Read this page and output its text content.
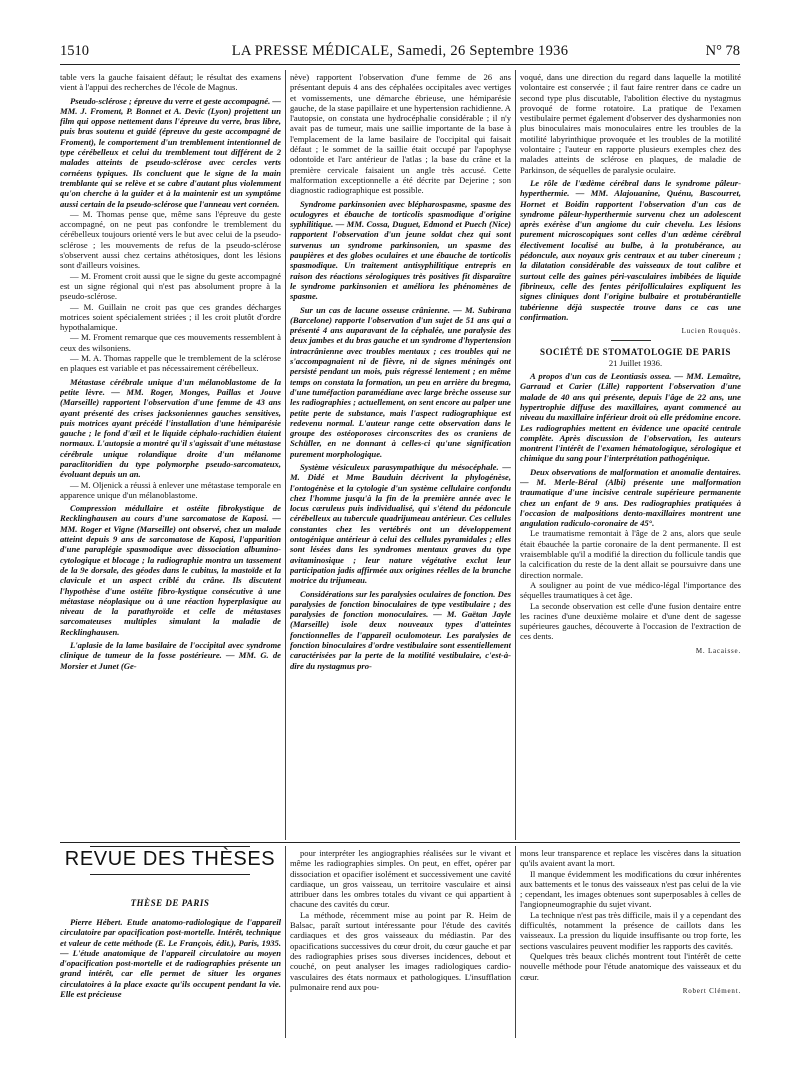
1510	LA PRESSE MÉDICALE, Samedi, 26 Septembre 1936	N° 78

table vers la gauche faisaient défaut; le résultat des examens vient à l'appui des recherches de l'école de Magnus.

Pseudo-sclérose ; épreuve du verre et geste accompagné. — MM. J. Froment, P. Bonnet et A. Devic (Lyon) projettent un film qui oppose nettement dans l'épreuve du verre, bras libre, puis bras soutenu et guidé (épreuve du geste accompagné de Froment), le comportement d'un tremblement intentionnel de type cérébelleux et celui du tremblement tout différent de 2 malades atteints de pseudo-sclérose avec cercles verts cornéens typiques. Ils concluent que le signe de la main tremblante qui se relève et se cabre d'autant plus violemment qu'on cherche à la guider et à la maintenir est un symptôme aussi certain de la pseudo-sclérose que l'anneau vert cornéen.

— M. Thomas pense que, même sans l'épreuve du geste accompagné, on ne peut pas confondre le tremblement du cérébelleux toujours orienté vers le but avec celui de la pseudo-sclérose ; les mouvements de refus de la pseudo-sclérose s'observent aussi chez certains athétosiques, dont les lésions sont d'ailleurs voisines.

— M. Froment croit aussi que le signe du geste accompagné est un signe régional qui n'est pas absolument propre à la pseudo-sclérose.

— M. Guillain ne croit pas que ces grandes décharges motrices soient spécialement striées ; il les croit plutôt d'ordre hypothalamique.

— M. Froment remarque que ces mouvements ressemblent à ceux des wilsoniens.

— M. A. Thomas rappelle que le tremblement de la sclérose en plaques est variable et pas nécessairement cérébelleux.

Métastase cérébrale unique d'un mélanoblastome de la petite lèvre. — MM. Roger, Monges, Paillas et Jouve (Marseille) rapportent l'observation d'une femme de 43 ans ayant présenté des crises jacksoniennes gauches sensitives, puis motrices ayant précédé l'installation d'une hémiparésie gauche ; le fond d'œil et le liquide céphalo-rachidien étaient normaux. L'autopsie a montré qu'il s'agissait d'une métastase cérébrale unique rolandique droite d'un mélanome paraclitoridien du type polymorphe pseudo-sarcomateux, évoluant depuis un an.

— M. Oljenick a réussi à enlever une métastase temporale en apparence unique d'un mélanoblastome.

Compression médullaire et ostéite fibrokystique de Recklinghausen au cours d'une sarcomatose de Kaposi. — MM. Roger et Vigne (Marseille) ont observé, chez un malade atteint depuis 9 ans de sarcomatose de Kaposi, l'apparition d'une paraplégie spasmodique avec dissociation albumino-cytologique et blocage ; la radiographie montra un tassement de la 9e dorsale, des géodes dans le cubitus, la mastoïde et la clavicule et un aspect criblé du crâne. Ils discutent l'hypothèse d'une ostéite fibro-kystique consécutive à une métastase néoplasique ou à une réaction hyperplasique au niveau de la parathyroïde et celle de métastases sarcomateuses multiples simulant la maladie de Recklinghausen.

L'aplasie de la lame basilaire de l'occipital avec syndrome clinique de tumeur de la fosse postérieure. — MM. G. de Morsier et Junet (Ge-

nève) rapportent l'observation d'une femme de 26 ans présentant depuis 4 ans des céphalées occipitales avec vertiges et vomissements, une démarche ébrieuse, une hémiparésie gauche, de la stase papillaire et une hypertension rachidienne. A l'autopsie, on constata une hydrocéphalie considérable ; il n'y avait pas de tumeur, mais une saillie importante de la base à l'emplacement de la lame basilaire de l'occipital qui faisait défaut ; le sommet de la saillie était occupé par l'apophyse odontoïde et l'arc antérieur de l'atlas ; la base du crâne et la première cervicale faisaient un angle très accusé. Cette malformation exceptionnelle a été décrite par Dejerine ; son diagnostic radiographique est possible.

Syndrome parkinsonien avec blépharospasme, spasme des oculogyres et ébauche de torticolis spasmodique d'origine syphilitique. — MM. Cossa, Duguet, Edmond et Puech (Nice) rapportent l'observation d'un jeune soldat chez qui sont survenus un syndrome parkinsonien, un spasme des paupières et des globes oculaires et une ébauche de torticolis spasmodique. Un traitement antisyphilitique entrepris en raison des réactions sérologiques très positives fit disparaître le syndrome parkinsonien et améliora les phénomènes de spasme.

Sur un cas de lacune osseuse crânienne. — M. Subirana (Barcelone) rapporte l'observation d'un sujet de 51 ans qui a présenté 4 ans auparavant de la céphalée, une paralysie des deux jambes et du bras gauche et un syndrome d'hypertension intracrânienne avec troubles mentaux ; ces troubles qui ne s'accompagnaient ni de fièvre, ni de signes méningés ont persisté pendant un mois, puis régressé lentement ; en même temps on constata la formation, un peu en arrière du bregma, d'une tuméfaction paramédiane avec large brèche osseuse sur les radiographies ; actuellement, on sent encore au palper une petite perte de substance, mais l'aspect radiographique est redevenu normal. L'auteur range cette observation dans le groupe des ostéoporoses circonscrites des os craniens de Schüller, en ne donnant à celles-ci qu'une signification purement morphologique.

Système vésiculeux parasympathique du mésocéphale. — M. Didé et Mme Bauduin décrivent la phylogénèse, l'ontogénèse et la cytologie d'un système cellulaire confondu chez l'homme jusqu'à la fin de la première année avec le locus cæruleus puis individualisé, qui s'étend du pédoncule cérébelleux au tubercule quadrijumeau antérieur. Ces cellules constantes chez les vertébrés ont un développement ontogénique antérieur à celui des cellules pyramidales ; elles sont lésées dans les syndromes mentaux graves du type avitaminosique ; leur nature végétative exclut leur participation jadis affirmée aux origines réelles de la branche motrice du trijumeau.

Considérations sur les paralysies oculaires de fonction. Des paralysies de fonction binoculaires de type vestibulaire ; des paralysies de fonction monoculaires. — M. Gaëtan Jayle (Marseille) isole deux nouveaux types d'atteintes fonctionnelles de l'appareil oculomoteur. Les paralysies de fonction binoculaires d'ordre vestibulaire sont essentiellement caractérisées par la perte de la motilité vestibulaire, c'est-à-dire du nystagmus pro-

voqué, dans une direction du regard dans laquelle la motilité volontaire est conservée ; il faut faire rentrer dans ce cadre un second type plus discutable, l'abolition élective du nystagmus provoqué de forme rotatoire. La pratique de l'examen vestibulaire permet également d'observer des dysharmonies non plus binoculaires mais monoculaires entre les troubles de la motilité labyrinthique provoquée et les troubles de la motilité volontaire ; l'auteur en rapporte plusieurs exemples chez des malades atteints de sclérose en plaques, de maladie de Parkinson, de séquelles de paralysie oculaire.

Le rôle de l'œdème cérébral dans le syndrome pâleur-hyperthermie. — MM. Alajouanine, Quénu, Bascourret, Hornet et Boidin rapportent l'observation d'un cas de syndrome pâleur-hyperthermie survenu chez un adolescent après exérèse d'un angiome du cuir chevelu. Les lésions purement microscopiques sont celles d'un œdème cérébral électivement localisé au bulbe, à la protubérance, au pédoncule, aux noyaux gris centraux et au tuber cinereum ; la dilatation considérable des vaisseaux de tout calibre et surtout celle des gaines péri-vasculaires imbibées de liquide fibrineux, celle des fentes périfolliculaires expliquent les signes cliniques dont l'origine bulbaire et protubérantielle tubérienne déjà suspectée trouve dans ce cas une confirmation.

Lucien Rouquès.

SOCIÉTÉ DE STOMATOLOGIE DE PARIS

21 Juillet 1936.

A propos d'un cas de Leontiasis ossea. — MM. Lemaître, Garraud et Carier (Lille) rapportent l'observation d'une malade de 40 ans qui présente, depuis l'âge de 22 ans, une hypertrophie diffuse des maxillaires, ayant commencé au niveau du maxillaire inférieur droit où elle prédomine encore. Les radiographies mettent en évidence une opacité centrale complète. Après discussion de l'observation, les auteurs montrent l'intérêt de l'examen hématologique, sérologique et chimique du sang pour l'interprétation pathogénique.

Deux observations de malformation et anomalie dentaires. — M. Merle-Béral (Albi) présente une malformation traumatique d'une incisive centrale supérieure permanente chez un enfant de 9 ans. Des radiographies pratiquées à l'occasion de malpositions dento-maxillaires montrent une angulation radiculo-coronaire de 45°.

Le traumatisme remontait à l'âge de 2 ans, alors que seule était ébauchée la partie coronaire de la dent permanente. Il est vraisemblable qu'il a modifié la direction du follicule tandis que la calcification du reste de la dent allait se poursuivre dans une direction normale.

A souligner au point de vue médico-légal l'importance des séquelles traumatiques à cet âge.

La seconde observation est celle d'une fusion dentaire entre les racines d'une deuxième molaire et d'une dent de sagesse supérieures gauches, découverte à l'occasion de l'extraction de ces dents.

M. Lacaisse.

REVUE DES THÈSES
THÈSE DE PARIS

Pierre Hébert. Etude anatomo-radiologique de l'appareil circulatoire par opacification post-mortelle. Intérêt, technique et valeur de cette méthode (E. Le François, édit.), Paris, 1935. — L'étude anatomique de l'appareil circulatoire au moyen d'opacification post-mortelle et de radiographies présente un grand intérêt, car elle permet de situer les organes circulatoires à la place exacte qu'ils occupent pendant la vie. Elle est précieuse

pour interpréter les angiographies réalisées sur le vivant et même les radiographies simples. On peut, en effet, opérer par dissociation et opacifier isolément et successivement une cavité cardiaque, un gros vaisseau, un territoire vasculaire et ainsi attribuer dans les ombres totales du vivant ce qui appartient à chacune des cavités du cœur.

La méthode, récemment mise au point par R. Heim de Balsac, paraît surtout intéressante pour l'étude des cavités cardiaques et des gros vaisseaux du médiastin. Par des opacifications successives du cœur droit, du cœur gauche et par des radiographies prises sous diverses incidences, debout et couché, on peut analyser les images radiologiques cardio-vasculaires des états normaux et pathologiques. L'insufflation pulmonaire rend aux pou-

mons leur transparence et replace les viscères dans la situation qu'ils avaient avant la mort.

Il manque évidemment les modifications du cœur inhérentes aux battements et le tonus des vaisseaux n'est pas celui de la vie ; cependant, les images obtenues sont superposables à celles de l'angiopneumographie du sujet vivant.

La technique n'est pas très difficile, mais il y a cependant des difficultés, notamment la présence de caillots dans les vaisseaux. La pression du liquide insuffisante ou trop forte, les sections vasculaires peuvent modifier les rapports des cavités.

Quelques très beaux clichés montrent tout l'intérêt de cette nouvelle méthode pour l'étude anatomique des vaisseaux et du cœur.

Robert Clément.
